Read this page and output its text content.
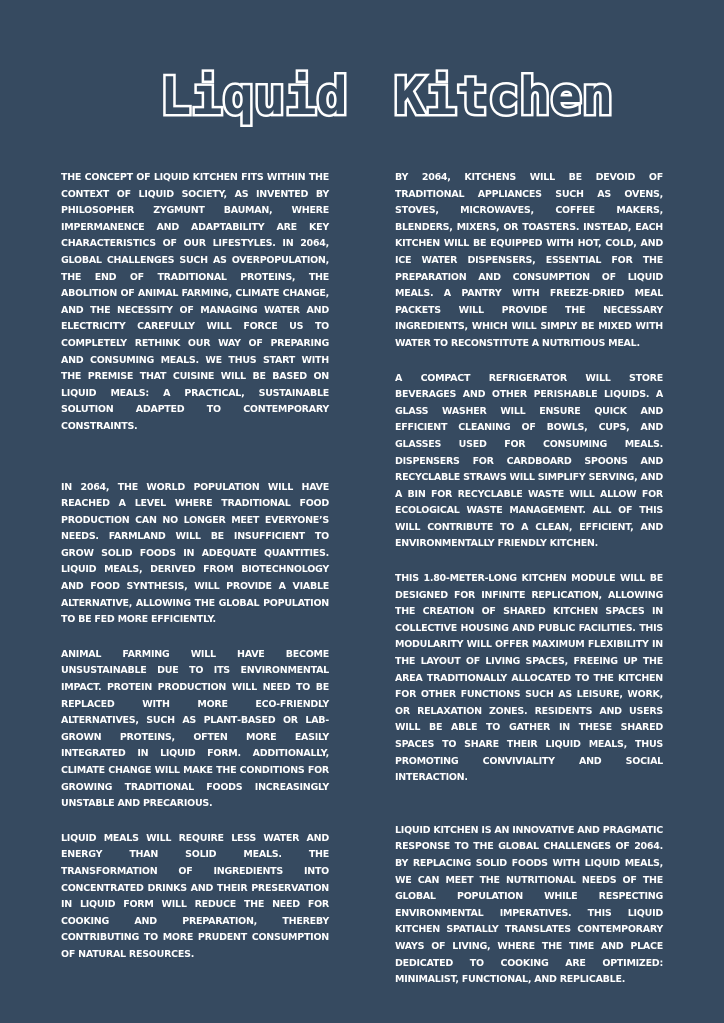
Liquid Kitchen

THE CONCEPT OF LIQUID KITCHEN FITS WITHIN THE CONTEXT OF LIQUID SOCIETY, AS INVENTED BY PHILOSOPHER ZYGMUNT BAUMAN, WHERE IMPERMANENCE AND ADAPTABILITY ARE KEY CHARACTERISTICS OF OUR LIFESTYLES. IN 2064, GLOBAL CHALLENGES SUCH AS OVERPOPULATION, THE END OF TRADITIONAL PROTEINS, THE ABOLITION OF ANIMAL FARMING, CLIMATE CHANGE, AND THE NECESSITY OF MANAGING WATER AND ELECTRICITY CAREFULLY WILL FORCE US TO COMPLETELY RETHINK OUR WAY OF PREPARING AND CONSUMING MEALS. WE THUS START WITH THE PREMISE THAT CUISINE WILL BE BASED ON LIQUID MEALS: A PRACTICAL, SUSTAINABLE SOLUTION ADAPTED TO CONTEMPORARY CONSTRAINTS.

IN 2064, THE WORLD POPULATION WILL HAVE REACHED A LEVEL WHERE TRADITIONAL FOOD PRODUCTION CAN NO LONGER MEET EVERYONE’S NEEDS. FARMLAND WILL BE INSUFFICIENT TO GROW SOLID FOODS IN ADEQUATE QUANTITIES. LIQUID MEALS, DERIVED FROM BIOTECHNOLOGY AND FOOD SYNTHESIS, WILL PROVIDE A VIABLE ALTERNATIVE, ALLOWING THE GLOBAL POPULATION TO BE FED MORE EFFICIENTLY.

ANIMAL FARMING WILL HAVE BECOME UNSUSTAINABLE DUE TO ITS ENVIRONMENTAL IMPACT. PROTEIN PRODUCTION WILL NEED TO BE REPLACED WITH MORE ECO‐FRIENDLY ALTERNATIVES, SUCH AS PLANT‐BASED OR LAB‐GROWN PROTEINS, OFTEN MORE EASILY INTEGRATED IN LIQUID FORM. ADDITIONALLY, CLIMATE CHANGE WILL MAKE THE CONDITIONS FOR GROWING TRADITIONAL FOODS INCREASINGLY UNSTABLE AND PRECARIOUS.

LIQUID MEALS WILL REQUIRE LESS WATER AND ENERGY THAN SOLID MEALS. THE TRANSFORMATION OF INGREDIENTS INTO CONCENTRATED DRINKS AND THEIR PRESERVATION IN LIQUID FORM WILL REDUCE THE NEED FOR COOKING AND PREPARATION, THEREBY CONTRIBUTING TO MORE PRUDENT CONSUMPTION OF NATURAL RESOURCES.

BY 2064, KITCHENS WILL BE DEVOID OF TRADITIONAL APPLIANCES SUCH AS OVENS, STOVES, MICROWAVES, COFFEE MAKERS, BLENDERS, MIXERS, OR TOASTERS. INSTEAD, EACH KITCHEN WILL BE EQUIPPED WITH HOT, COLD, AND ICE WATER DISPENSERS, ESSENTIAL FOR THE PREPARATION AND CONSUMPTION OF LIQUID MEALS. A PANTRY WITH FREEZE‐DRIED MEAL PACKETS WILL PROVIDE THE NECESSARY INGREDIENTS, WHICH WILL SIMPLY BE MIXED WITH WATER TO RECONSTITUTE A NUTRITIOUS MEAL.

A COMPACT REFRIGERATOR WILL STORE BEVERAGES AND OTHER PERISHABLE LIQUIDS. A GLASS WASHER WILL ENSURE QUICK AND EFFICIENT CLEANING OF BOWLS, CUPS, AND GLASSES USED FOR CONSUMING MEALS. DISPENSERS FOR CARDBOARD SPOONS AND RECYCLABLE STRAWS WILL SIMPLIFY SERVING, AND A BIN FOR RECYCLABLE WASTE WILL ALLOW FOR ECOLOGICAL WASTE MANAGEMENT. ALL OF THIS WILL CONTRIBUTE TO A CLEAN, EFFICIENT, AND ENVIRONMENTALLY FRIENDLY KITCHEN.

THIS 1.80-METER-LONG KITCHEN MODULE WILL BE DESIGNED FOR INFINITE REPLICATION, ALLOWING THE CREATION OF SHARED KITCHEN SPACES IN COLLECTIVE HOUSING AND PUBLIC FACILITIES. THIS MODULARITY WILL OFFER MAXIMUM FLEXIBILITY IN THE LAYOUT OF LIVING SPACES, FREEING UP THE AREA TRADITIONALLY ALLOCATED TO THE KITCHEN FOR OTHER FUNCTIONS SUCH AS LEISURE, WORK, OR RELAXATION ZONES. RESIDENTS AND USERS WILL BE ABLE TO GATHER IN THESE SHARED SPACES TO SHARE THEIR LIQUID MEALS, THUS PROMOTING CONVIVIALITY AND SOCIAL INTERACTION.

LIQUID KITCHEN IS AN INNOVATIVE AND PRAGMATIC RESPONSE TO THE GLOBAL CHALLENGES OF 2064. BY REPLACING SOLID FOODS WITH LIQUID MEALS, WE CAN MEET THE NUTRITIONAL NEEDS OF THE GLOBAL POPULATION WHILE RESPECTING ENVIRONMENTAL IMPERATIVES. THIS LIQUID KITCHEN SPATIALLY TRANSLATES CONTEMPORARY WAYS OF LIVING, WHERE THE TIME AND PLACE DEDICATED TO COOKING ARE OPTIMIZED: MINIMALIST, FUNCTIONAL, AND REPLICABLE.
